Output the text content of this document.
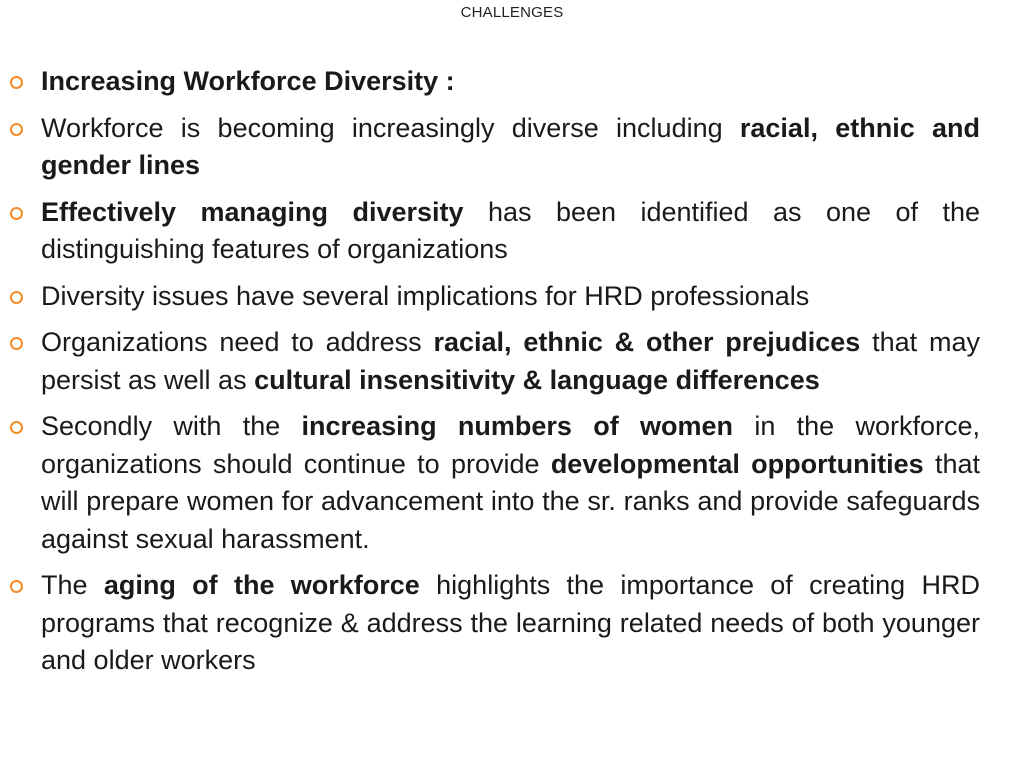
CHALLENGES
Increasing Workforce Diversity :
Workforce is becoming increasingly diverse including racial, ethnic and gender lines
Effectively managing diversity has been identified as one of the distinguishing features of organizations
Diversity issues have several implications for HRD professionals
Organizations need to address racial, ethnic & other prejudices that may persist as well as cultural insensitivity & language differences
Secondly with the increasing numbers of women in the workforce, organizations should continue to provide developmental opportunities that will prepare women for advancement into the sr. ranks and provide safeguards against sexual harassment.
The aging of the workforce highlights the importance of creating HRD programs that recognize & address the learning related needs of both younger and older workers
